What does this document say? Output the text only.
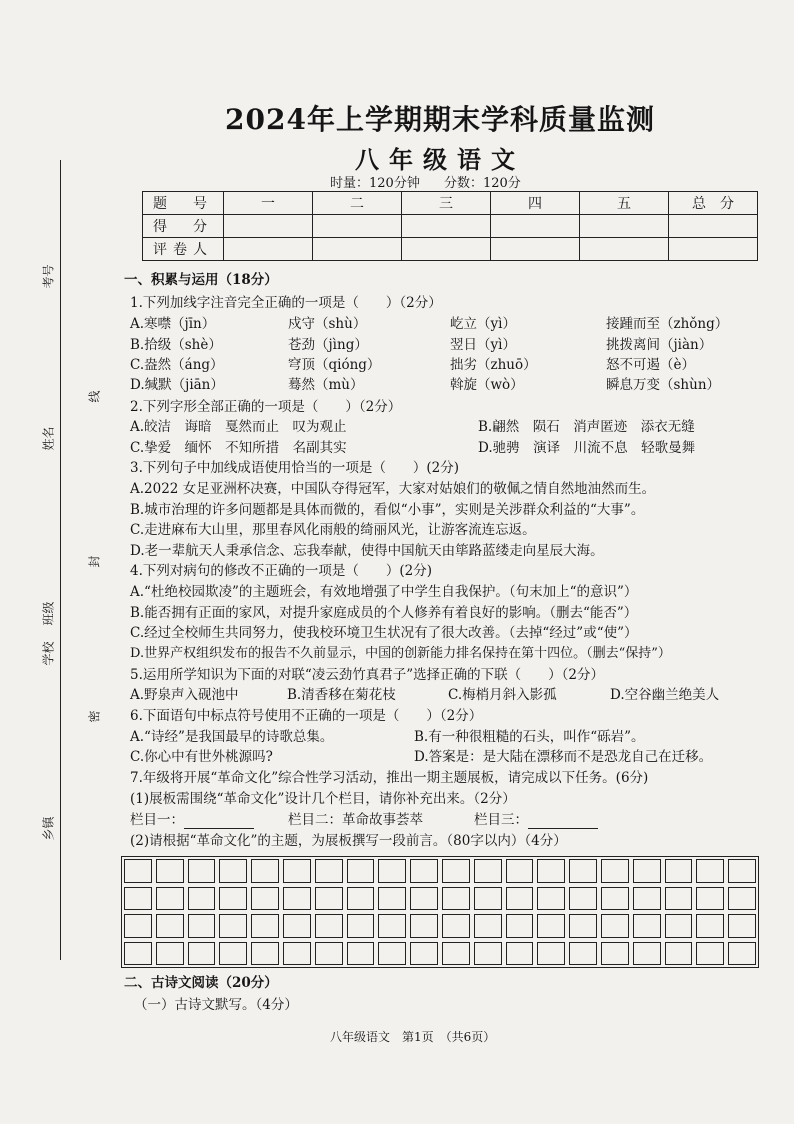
考号
姓名
班级
学校
乡镇
线
封
密
2024年上学期期末学科质量监测
八年级语文
时量：120分钟 分数：120分
题　号	一	二	三	四	五	总　分
得　分						
评卷人						
一、积累与运用（18分）
1.下列加线字注音完全正确的一项是（　　）（2分）
A.寒噤（jīn）	戍守（shù）	屹立（yì）	接踵而至（zhǒng）
B.拾级（shè）	苍劲（jìng）	翌日（yì）	挑拨离间（jiàn）
C.盎然（áng）	穹顶（qióng）	拙劣（zhuō）	怒不可遏（è）
D.缄默（jiān）	蓦然（mù）	斡旋（wò）	瞬息万变（shùn）
2.下列字形全部正确的一项是（　　）（2分）
A.皎洁　诲暗　戛然而止　叹为观止	B.翩然　陨石　消声匿迹　添衣无缝
C.挚爱　缅怀　不知所措　名副其实	D.驰骋　演译　川流不息　轻歌曼舞
3.下列句子中加线成语使用恰当的一项是（　　）(2分)
A.2022 女足亚洲杯决赛，中国队夺得冠军，大家对姑娘们的敬佩之情自然地油然而生。
B.城市治理的许多问题都是具体而微的，看似“小事”，实则是关涉群众利益的“大事”。
C.走进麻布大山里，那里春风化雨般的绮丽风光，让游客流连忘返。
D.老一辈航天人秉承信念、忘我奉献，使得中国航天由筚路蓝缕走向星辰大海。
4.下列对病句的修改不正确的一项是（　　）(2分)
A.“杜绝校园欺凌”的主题班会，有效地增强了中学生自我保护。（句末加上“的意识”）
B.能否拥有正面的家风，对提升家庭成员的个人修养有着良好的影响。（删去“能否”）
C.经过全校师生共同努力，使我校环境卫生状况有了很大改善。（去掉“经过”或“使”）
D.世界产权组织发布的报告不久前显示，中国的创新能力排名保持在第十四位。（删去“保持”）
5.运用所学知识为下面的对联“凌云劲竹真君子”选择正确的下联（　　）（2分）
A.野泉声入砚池中	B.清香移在菊花枝	C.梅梢月斜入影孤	D.空谷幽兰绝美人
6.下面语句中标点符号使用不正确的一项是（　　）（2分）
A.“诗经”是我国最早的诗歌总集。	B.有一种很粗糙的石头，叫作“砾岩”。
C.你心中有世外桃源吗?	D.答案是：是大陆在漂移而不是恐龙自己在迁移。
7.年级将开展“革命文化”综合性学习活动，推出一期主题展板，请完成以下任务。(6分)
(1)展板需围绕“革命文化”设计几个栏目，请你补充出来。（2分）
栏目一：	栏目二：革命故事荟萃	栏目三：
(2)请根据“革命文化”的主题，为展板撰写一段前言。（80字以内）（4分）
二、古诗文阅读（20分）
（一）古诗文默写。（4分）
八年级语文　第1页　（共6页）
